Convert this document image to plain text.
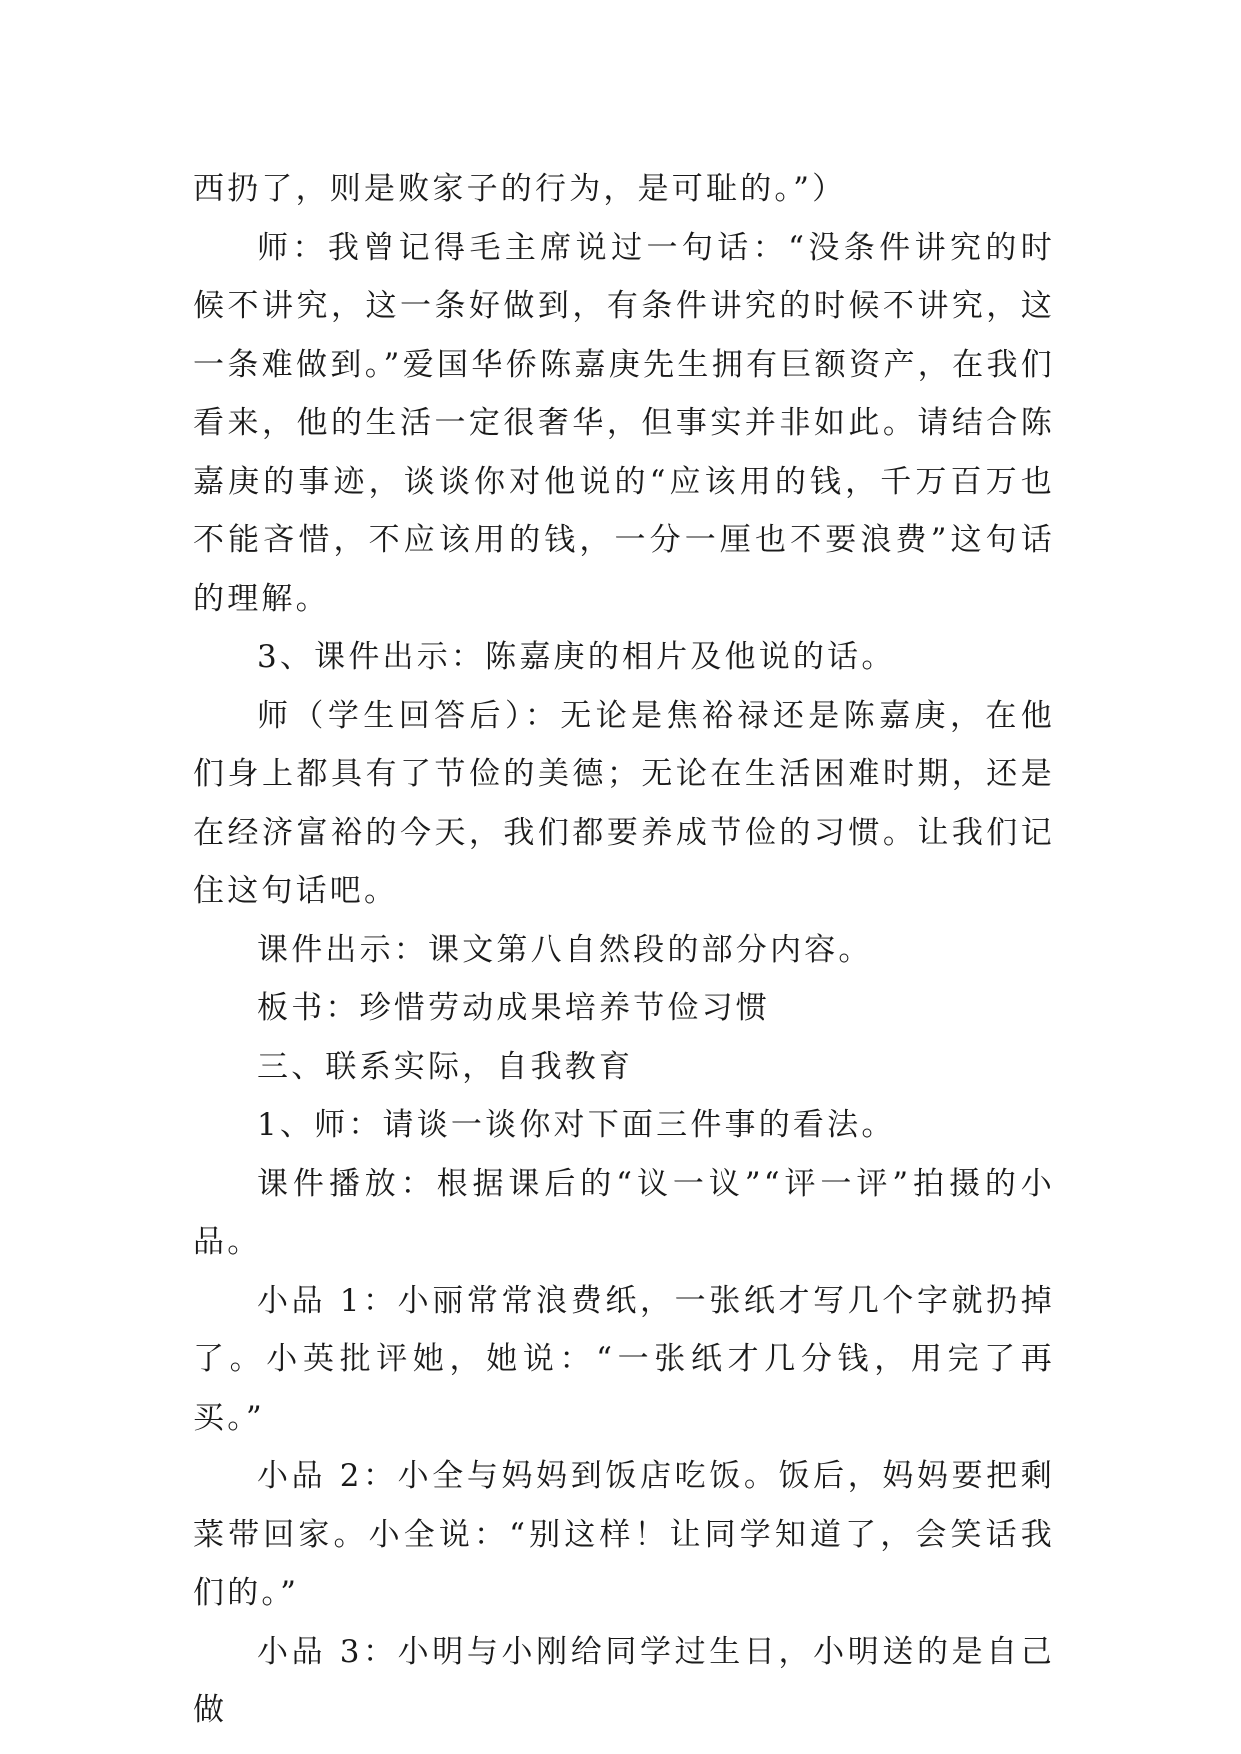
西扔了，则是败家子的行为，是可耻的。”）

师：我曾记得毛主席说过一句话：“没条件讲究的时候不讲究，这一条好做到，有条件讲究的时候不讲究，这一条难做到。”爱国华侨陈嘉庚先生拥有巨额资产，在我们看来，他的生活一定很奢华，但事实并非如此。请结合陈嘉庚的事迹，谈谈你对他说的“应该用的钱，千万百万也不能吝惜，不应该用的钱，一分一厘也不要浪费”这句话的理解。

3、课件出示：陈嘉庚的相片及他说的话。

师（学生回答后）：无论是焦裕禄还是陈嘉庚，在他们身上都具有了节俭的美德；无论在生活困难时期，还是在经济富裕的今天，我们都要养成节俭的习惯。让我们记住这句话吧。

课件出示：课文第八自然段的部分内容。

板书：珍惜劳动成果培养节俭习惯

三、联系实际，自我教育

1、师：请谈一谈你对下面三件事的看法。

课件播放：根据课后的“议一议”“评一评”拍摄的小品。

小品 1：小丽常常浪费纸，一张纸才写几个字就扔掉了。小英批评她，她说：“一张纸才几分钱，用完了再买。”

小品 2：小全与妈妈到饭店吃饭。饭后，妈妈要把剩菜带回家。小全说：“别这样！让同学知道了，会笑话我们的。”

小品 3：小明与小刚给同学过生日，小明送的是自己做
